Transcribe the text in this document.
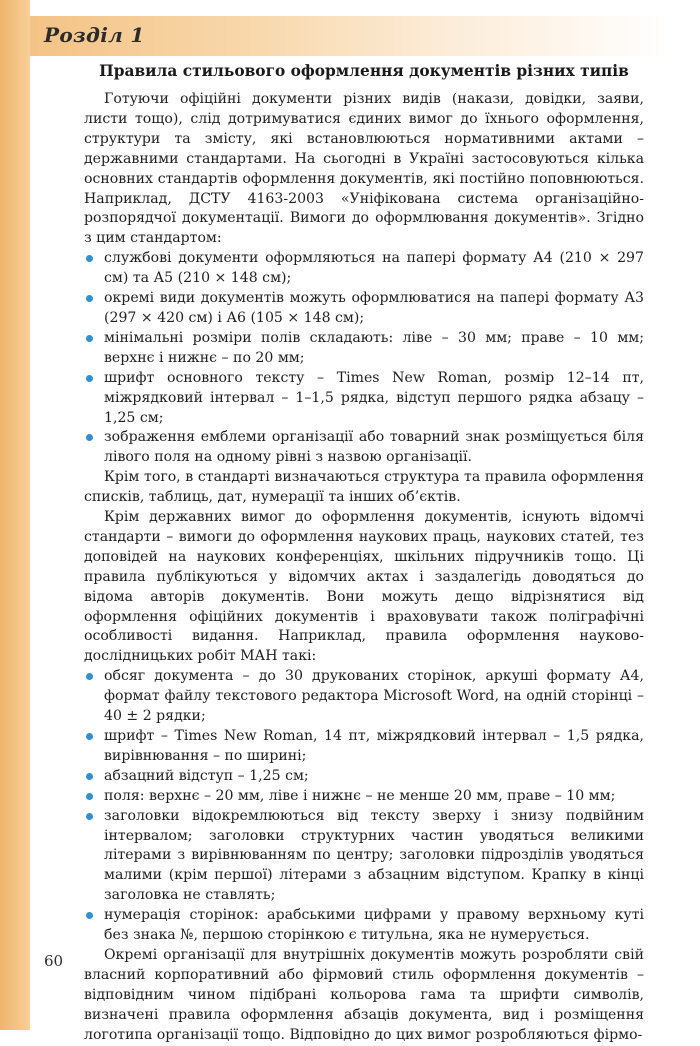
Розділ 1
Правила стильового оформлення документів різних типів

Готуючи офіційні документи різних видів (накази, довідки, заяви, листи тощо), слід дотримуватися єдиних вимог до їхнього оформлення, структури та змісту, які встановлюються нормативними актами – державними стандартами. На сьогодні в Україні застосовуються кілька основних стандартів оформлення документів, які постійно поповнюються. Наприклад, ДСТУ 4163-2003 «Уніфікована система організаційно-розпорядчої документації. Вимоги до оформлювання документів». Згідно з цим стандартом:

службові документи оформляються на папері формату А4 (210 × 297 см) та А5 (210 × 148 см);
окремі види документів можуть оформлюватися на папері формату А3 (297 × 420 см) і А6 (105 × 148 см);
мінімальні розміри полів складають: ліве – 30 мм; праве – 10 мм; верхнє і нижнє – по 20 мм;
шрифт основного тексту – Times New Roman, розмір 12–14 пт, міжрядковий інтервал – 1–1,5 рядка, відступ першого рядка абзацу – 1,25 см;
зображення емблеми організації або товарний знак розміщується біля лівого поля на одному рівні з назвою організації.

Крім того, в стандарті визначаються структура та правила оформлення списків, таблиць, дат, нумерації та інших об’єктів.

Крім державних вимог до оформлення документів, існують відомчі стандарти – вимоги до оформлення наукових праць, наукових статей, тез доповідей на наукових конференціях, шкільних підручників тощо. Ці правила публікуються у відомчих актах і заздалегідь доводяться до відома авторів документів. Вони можуть дещо відрізнятися від оформлення офіційних документів і враховувати також поліграфічні особливості видання. Наприклад, правила оформлення науково-дослідницьких робіт МАН такі:

обсяг документа – до 30 друкованих сторінок, аркуші формату А4, формат файлу текстового редактора Microsoft Word, на одній сторінці – 40 ± 2 рядки;
шрифт – Times New Roman, 14 пт, міжрядковий інтервал – 1,5 рядка, вирівнювання – по ширині;
абзацний відступ – 1,25 см;
поля: верхнє – 20 мм, ліве і нижнє – не менше 20 мм, праве – 10 мм;
заголовки відокремлюються від тексту зверху і знизу подвійним інтервалом; заголовки структурних частин уводяться великими літерами з вирівнюванням по центру; заголовки підрозділів уводяться малими (крім першої) літерами з абзацним відступом. Крапку в кінці заголовка не ставлять;
нумерація сторінок: арабськими цифрами у правому верхньому куті без знака №, першою сторінкою є титульна, яка не нумерується.

Окремі організації для внутрішніх документів можуть розробляти свій власний корпоративний або фірмовий стиль оформлення документів – відповідним чином підібрані кольорова гама та шрифти символів, визначені правила оформлення абзаців документа, вид і розміщення логотипа організації тощо. Відповідно до цих вимог розробляються фірмо-

60
